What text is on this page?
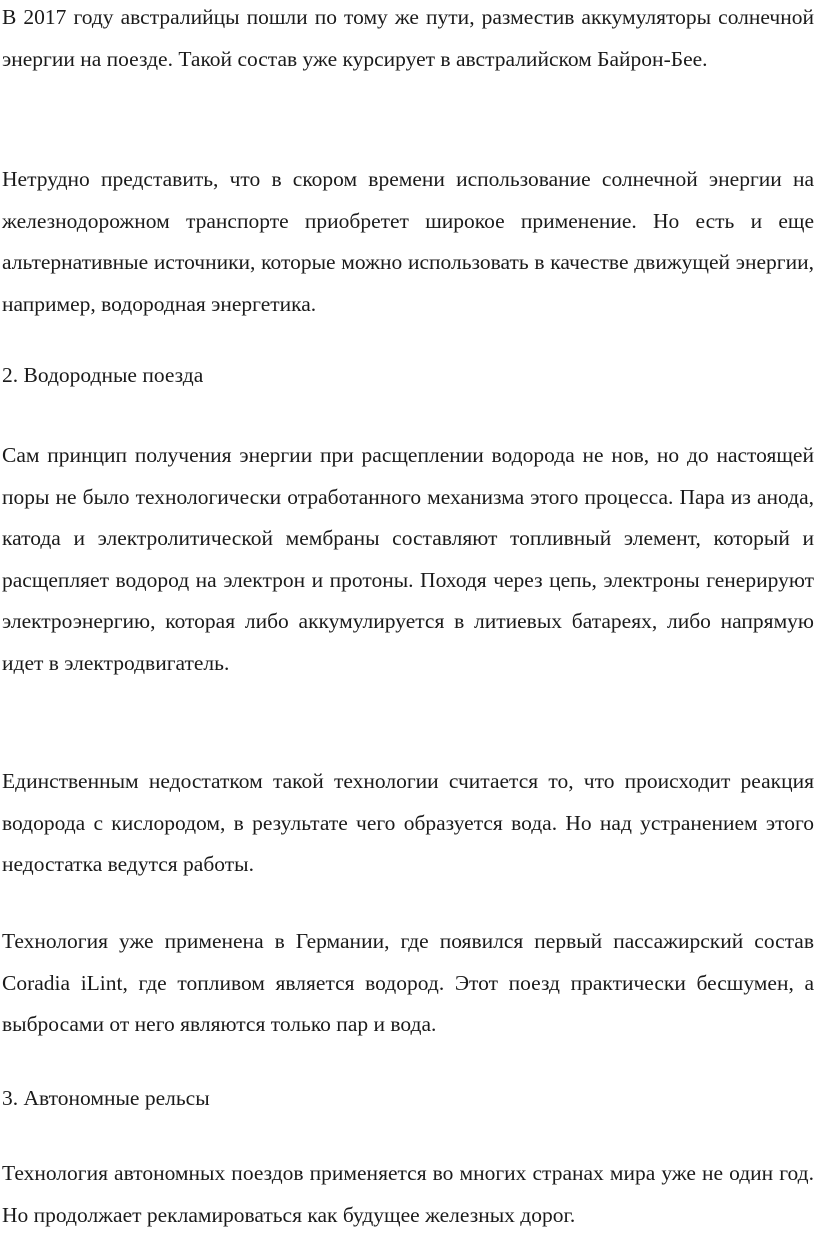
В 2017 году австралийцы пошли по тому же пути, разместив аккумуляторы солнечной энергии на поезде. Такой состав уже курсирует в австралийском Байрон-Бее.

Нетрудно представить, что в скором времени использование солнечной энергии на железнодорожном транспорте приобретет широкое применение. Но есть и еще альтернативные источники, которые можно использовать в качестве движущей энергии, например, водородная энергетика.

2. Водородные поезда

Сам принцип получения энергии при расщеплении водорода не нов, но до настоящей поры не было технологически отработанного механизма этого процесса. Пара из анода, катода и электролитической мембраны составляют топливный элемент, который и расщепляет водород на электрон и протоны. Походя через цепь, электроны генерируют электроэнергию, которая либо аккумулируется в литиевых батареях, либо напрямую идет в электродвигатель.

Единственным недостатком такой технологии считается то, что происходит реакция водорода с кислородом, в результате чего образуется вода. Но над устранением этого недостатка ведутся работы.

Технология уже применена в Германии, где появился первый пассажирский состав Coradia iLint, где топливом является водород. Этот поезд практически бесшумен, а выбросами от него являются только пар и вода.

3. Автономные рельсы

Технология автономных поездов применяется во многих странах мира уже не один год. Но продолжает рекламироваться как будущее железных дорог.
